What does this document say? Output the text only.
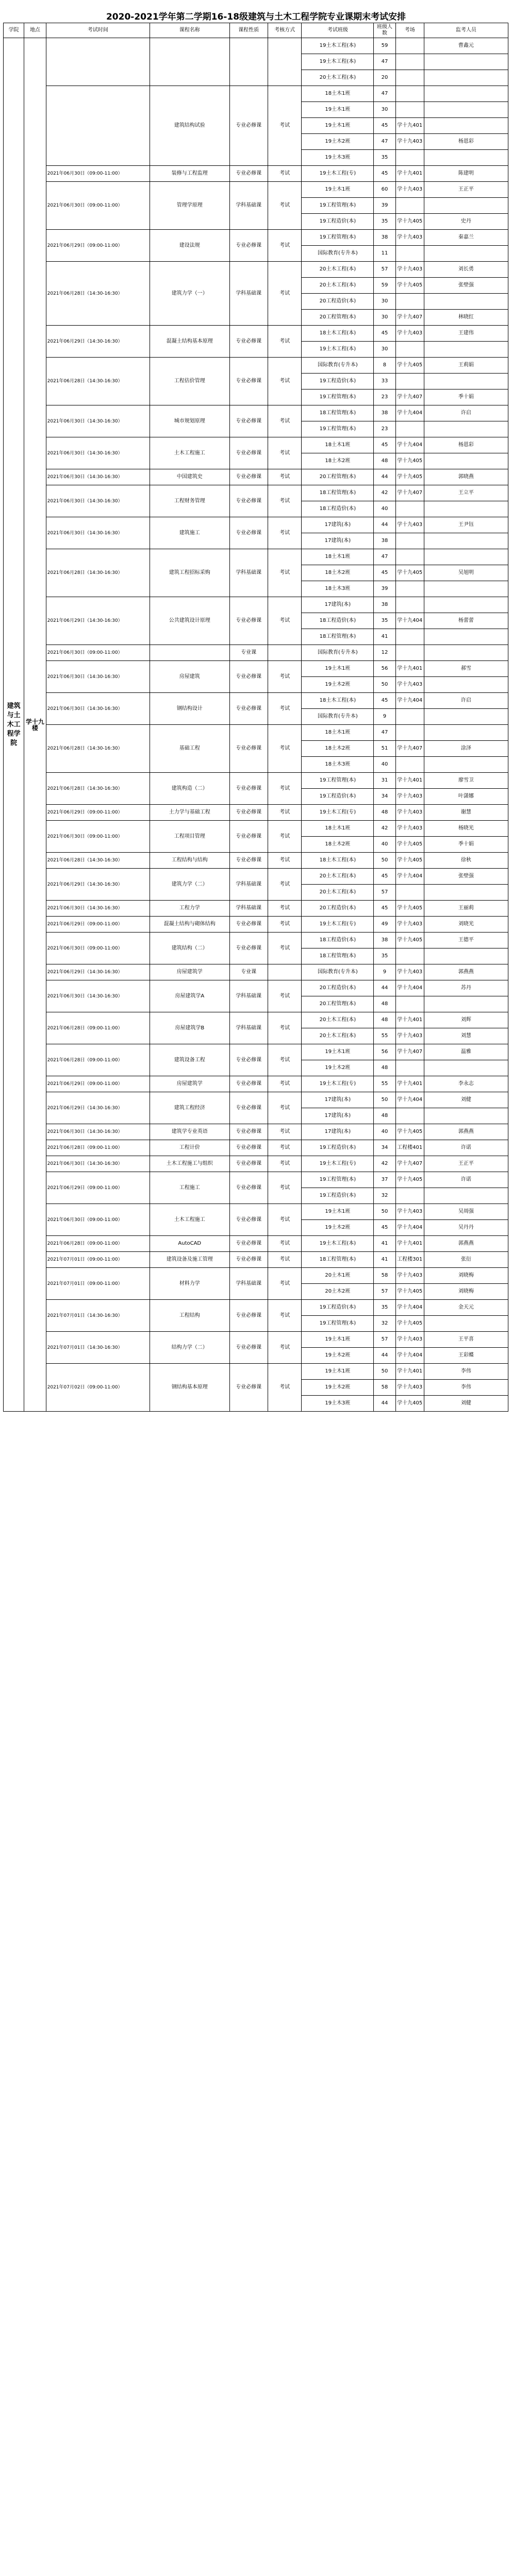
2020-2021学年第二学期16-18级建筑与土木工程学院专业课期末考试安排
学院	地点	考试时间	课程名称	课程性质	考核方式	考试班级	班级人数	考场	监考人员
建筑与土木工程学院	学十九楼					19土木工程(本)	59		曹鑫元
						19土木工程(本)	47		
						20土木工程(本)	20		
			建筑结构试验	专业必修课	考试	18土木1班	47		
						19土木1班	30		
						19土木1班	45	学十九401	
						19土木2班	47	学十九403	杨恩彩
						19土木3班	35		
		2021年06月30日（09:00-11:00）	装修与工程监理	专业必修课	考试	19土木工程(专)	45	学十九401	陈建明
		2021年06月30日（09:00-11:00）	管理学原理	学科基础课	考试	19土木1班	60	学十九403	王正平
						19工程管理(本)	39		
						19工程造价(本)	35	学十九405	史丹
		2021年06月29日（09:00-11:00）	建设法规	专业必修课	考试	19工程管理(本)	38	学十九403	秦嘉兰
						国际教育(专升本)	11		
		2021年06月28日（14:30-16:30）	建筑力学（一）	学科基础课	考试	20土木工程(本)	57	学十九403	刘长勇
						20土木工程(本)	59	学十九405	张壁强
						20工程造价(本)	30		
						20工程管理(本)	30	学十九407	林晓红
		2021年06月29日（14:30-16:30）	混凝土结构基本原理	专业必修课	考试	18土木工程(本)	45	学十九403	王建伟
						19土木工程(本)	30		
		2021年06月28日（14:30-16:30）	工程估价管理	专业必修课	考试	国际教育(专升本)	8	学十九405	王莉娟
						19工程造价(本)	33		
						19工程管理(本)	23	学十九407	季十娟
		2021年06月30日（14:30-16:30）	城市规划原理	专业必修课	考试	18工程管理(本)	38	学十九404	许启
						19工程管理(本)	23		
		2021年06月30日（14:30-16:30）	土木工程施工	专业必修课	考试	18土木1班	45	学十九404	杨恩彩
						18土木2班	48	学十九405	
		2021年06月30日（14:30-16:30）	中国建筑史	专业必修课	考试	20工程管理(本)	44	学十九405	郭晓燕
		2021年06月30日（14:30-16:30）	工程财务管理	专业必修课	考试	18工程管理(本)	42	学十九407	王立平
						18工程造价(本)	40		
		2021年06月30日（14:30-16:30）	建筑施工	专业必修课	考试	17建筑(本)	44	学十九403	王尹钰
						17建筑(本)	38		
		2021年06月28日（14:30-16:30）	建筑工程招标采购	学科基础课	考试	18土木1班	47		
						18土木2班	45	学十九405	吴旭明
						18土木3班	39		
		2021年06月29日（14:30-16:30）	公共建筑设计原理	专业必修课	考试	17建筑(本)	38		
						18工程造价(本)	35	学十九404	杨蕾蕾
						18工程管理(本)	41		
		2021年06月30日（09:00-11:00）		专业课		国际教育(专升本)	12		
		2021年06月30日（14:30-16:30）	房屋建筑	专业必修课	考试	19土木1班	56	学十九401	郝雪
						19土木2班	50	学十九403	
		2021年06月30日（14:30-16:30）	钢结构设计	专业必修课	考试	18土木工程(本)	45	学十九404	许启
						国际教育(专升本)	9		
		2021年06月28日（14:30-16:30）	基础工程	专业必修课	考试	18土木1班	47		
						18土木2班	51	学十九407	涂泽
						18土木3班	40		
		2021年06月28日（14:30-16:30）	建筑构造（二）	专业必修课	考试	19工程管理(本)	31	学十九401	廖雪卫
						19工程造价(本)	34	学十九403	叶潇娜
		2021年06月29日（09:00-11:00）	土力学与基础工程	专业必修课	考试	19土木工程(专)	48	学十九403	谢慧
		2021年06月30日（09:00-11:00）	工程项目管理	专业必修课	考试	18土木1班	42	学十九403	杨晓光
						18土木2班	40	学十九405	季十娟
		2021年06月28日（14:30-16:30）	工程结构与结构	专业必修课	考试	18土木工程(本)	50	学十九405	徐秋
		2021年06月29日（14:30-16:30）	建筑力学（二）	学科基础课	考试	20土木工程(本)	45	学十九404	张壁强
						20土木工程(本)	57		
		2021年06月30日（14:30-16:30）	工程力学	学科基础课	考试	20工程造价(本)	45	学十九405	王丽莉
		2021年06月29日（09:00-11:00）	混凝土结构与砌体结构	专业必修课	考试	19土木工程(专)	49	学十九403	刘晓光
		2021年06月30日（09:00-11:00）	建筑结构（二）	专业必修课	考试	18工程造价(本)	38	学十九405	王德平
						18工程管理(本)	35		
		2021年06月29日（14:30-16:30）	房屋建筑学	专业课		国际教育(专升本)	9	学十九403	郭燕燕
		2021年06月30日（14:30-16:30）	房屋建筑学A	学科基础课	考试	20工程造价(本)	44	学十九404	苏丹
						20工程管理(本)	48		
		2021年06月28日（09:00-11:00）	房屋建筑学B	学科基础课	考试	20土木工程(本)	48	学十九401	刘辉
						20土木工程(本)	55	学十九403	刘慧
		2021年06月28日（09:00-11:00）	建筑设备工程	专业必修课	考试	19土木1班	56	学十九407	温雅
						19土木2班	48		
		2021年06月29日（09:00-11:00）	房屋建筑学	专业必修课	考试	19土木工程(专)	55	学十九401	李永志
		2021年06月29日（14:30-16:30）	建筑工程经济	专业必修课	考试	17建筑(本)	50	学十九404	刘健
						17建筑(本)	48		
		2021年06月30日（14:30-16:30）	建筑学专业英语	专业必修课	考试	17建筑(本)	40	学十九405	郭燕燕
		2021年06月28日（09:00-11:00）	工程计价	专业必修课	考试	19工程造价(本)	34	工程楼401	许诺
		2021年06月30日（14:30-16:30）	土木工程施工与组织	专业必修课	考试	19土木工程(专)	42	学十九407	王正平
		2021年06月29日（09:00-11:00）	工程施工	专业必修课	考试	19工程管理(本)	37	学十九405	许诺
						19工程造价(本)	32		
		2021年06月30日（09:00-11:00）	土木工程施工	专业必修课	考试	19土木1班	50	学十九403	吴周强
						19土木2班	45	学十九404	吴丹丹
		2021年06月28日（09:00-11:00）	AutoCAD	专业必修课	考试	19土木工程(本)	41	学十九401	郭燕燕
		2021年07月01日（09:00-11:00）	建筑设备及施工管理	专业必修课	考试	18工程管理(本)	41	工程楼301	张衍
		2021年07月01日（09:00-11:00）	材料力学	学科基础课	考试	20土木1班	58	学十九403	刘晓梅
						20土木2班	57	学十九405	刘晓梅
		2021年07月01日（14:30-16:30）	工程结构	专业必修课	考试	19工程造价(本)	35	学十九404	金天元
						19工程管理(本)	32	学十九405	
		2021年07月01日（14:30-16:30）	结构力学（二）	专业必修课	考试	19土木1班	57	学十九403	王平喜
						19土木2班	44	学十九404	王彩蝶
		2021年07月02日（09:00-11:00）	钢结构基本原理	专业必修课	考试	19土木1班	50	学十九401	李伟
						19土木2班	58	学十九403	李伟
						19土木3班	44	学十九405	刘健
